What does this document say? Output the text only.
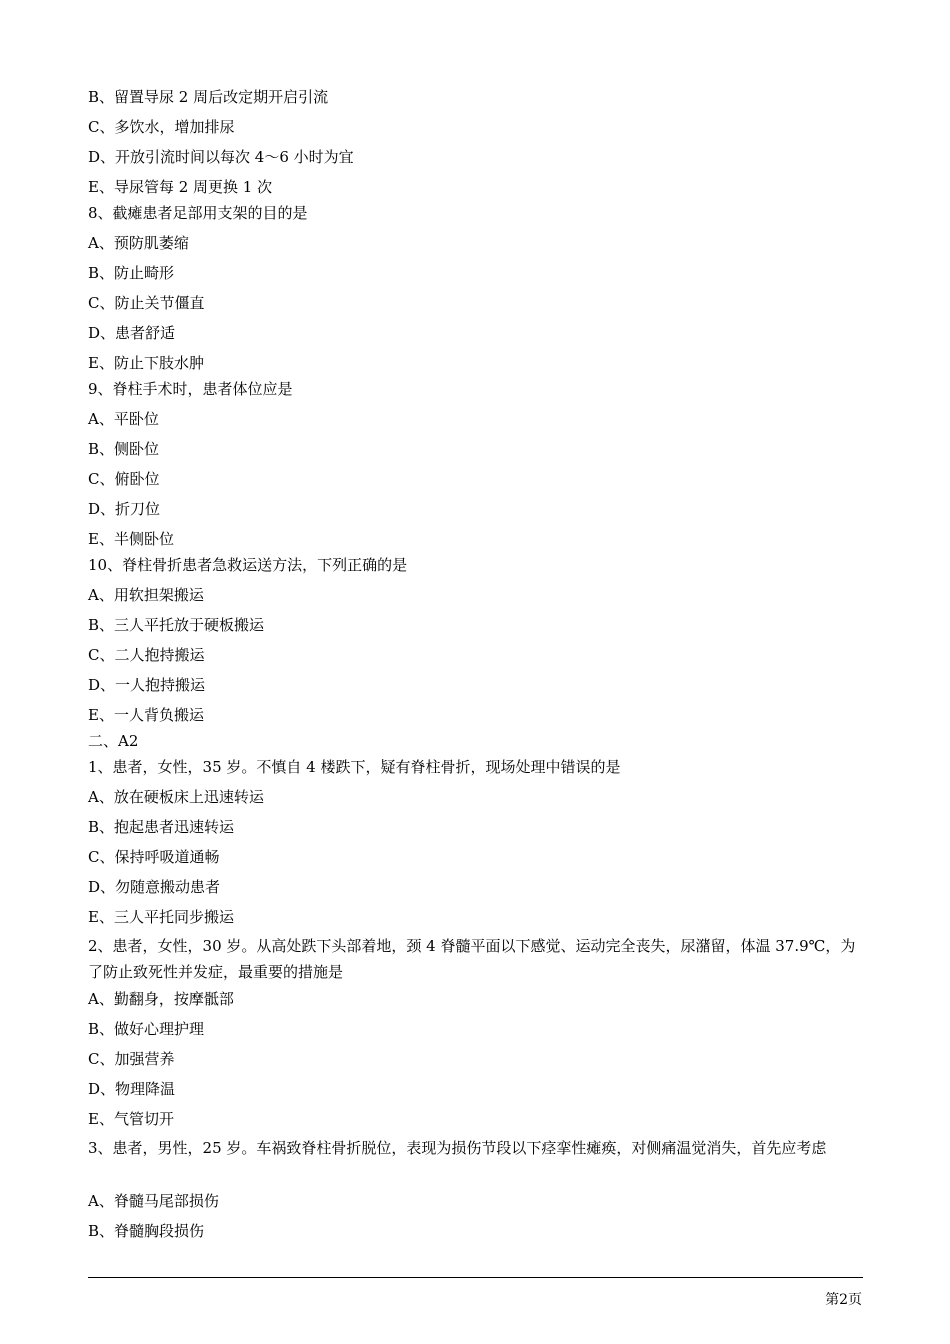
B、留置导尿 2 周后改定期开启引流
C、多饮水，增加排尿
D、开放引流时间以每次 4～6 小时为宜
E、导尿管每 2 周更换 1 次
8、截瘫患者足部用支架的目的是
A、预防肌萎缩
B、防止畸形
C、防止关节僵直
D、患者舒适
E、防止下肢水肿
9、脊柱手术时，患者体位应是
A、平卧位
B、侧卧位
C、俯卧位
D、折刀位
E、半侧卧位
10、脊柱骨折患者急救运送方法，下列正确的是
A、用软担架搬运
B、三人平托放于硬板搬运
C、二人抱持搬运
D、一人抱持搬运
E、一人背负搬运
二、A2
1、患者，女性，35 岁。不慎自 4 楼跌下，疑有脊柱骨折，现场处理中错误的是
A、放在硬板床上迅速转运
B、抱起患者迅速转运
C、保持呼吸道通畅
D、勿随意搬动患者
E、三人平托同步搬运
2、患者，女性，30 岁。从高处跌下头部着地，颈 4 脊髓平面以下感觉、运动完全丧失，尿潴留，体温 37.9℃，为了防止致死性并发症，最重要的措施是
A、勤翻身，按摩骶部
B、做好心理护理
C、加强营养
D、物理降温
E、气管切开
3、患者，男性，25 岁。车祸致脊柱骨折脱位，表现为损伤节段以下痉挛性瘫痪，对侧痛温觉消失，首先应考虑
A、脊髓马尾部损伤
B、脊髓胸段损伤
第2页
